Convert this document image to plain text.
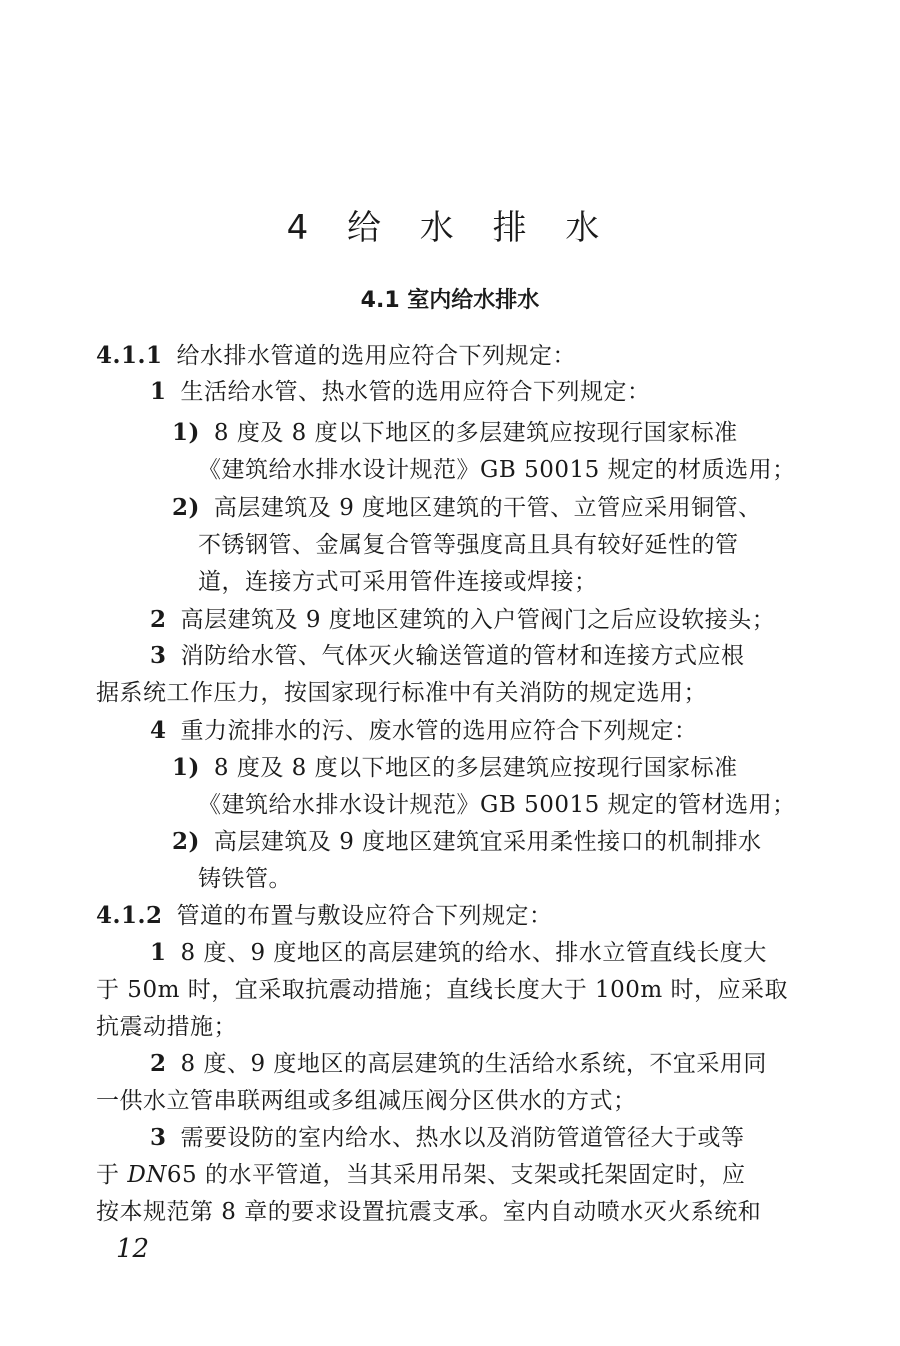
4 给 水 排 水
4.1 室内给水排水
4.1.1 给水排水管道的选用应符合下列规定：
1 生活给水管、热水管的选用应符合下列规定：
1) 8 度及 8 度以下地区的多层建筑应按现行国家标准
《建筑给水排水设计规范》GB 50015 规定的材质选用；
2) 高层建筑及 9 度地区建筑的干管、立管应采用铜管、
不锈钢管、金属复合管等强度高且具有较好延性的管
道，连接方式可采用管件连接或焊接；
2 高层建筑及 9 度地区建筑的入户管阀门之后应设软接头；
3 消防给水管、气体灭火输送管道的管材和连接方式应根
据系统工作压力，按国家现行标准中有关消防的规定选用；
4 重力流排水的污、废水管的选用应符合下列规定：
1) 8 度及 8 度以下地区的多层建筑应按现行国家标准
《建筑给水排水设计规范》GB 50015 规定的管材选用；
2) 高层建筑及 9 度地区建筑宜采用柔性接口的机制排水
铸铁管。
4.1.2 管道的布置与敷设应符合下列规定：
1 8 度、9 度地区的高层建筑的给水、排水立管直线长度大
于 50m 时，宜采取抗震动措施；直线长度大于 100m 时，应采取
抗震动措施；
2 8 度、9 度地区的高层建筑的生活给水系统，不宜采用同
一供水立管串联两组或多组减压阀分区供水的方式；
3 需要设防的室内给水、热水以及消防管道管径大于或等
于 DN65 的水平管道，当其采用吊架、支架或托架固定时，应
按本规范第 8 章的要求设置抗震支承。室内自动喷水灭火系统和
12
